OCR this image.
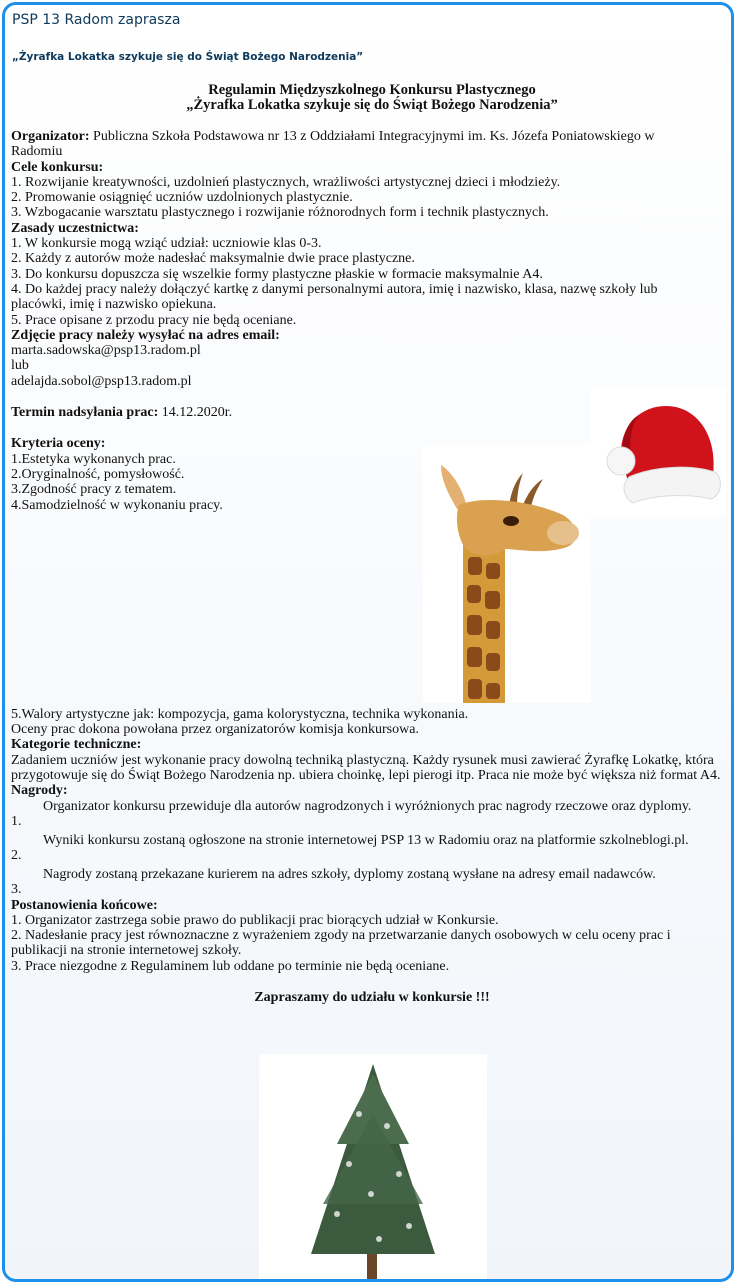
PSP 13 Radom zaprasza
„Żyrafka Lokatka szykuje się do Świąt Bożego Narodzenia”

Regulamin Międzyszkolnego Konkursu Plastycznego

„Żyrafka Lokatka szykuje się do Świąt Bożego Narodzenia”

Organizator: Publiczna Szkoła Podstawowa nr 13 z Oddziałami Integracyjnymi im. Ks. Józefa Poniatowskiego w Radomiu

Cele konkursu:

1. Rozwijanie kreatywności, uzdolnień plastycznych, wrażliwości artystycznej dzieci i młodzieży.

2. Promowanie osiągnięć uczniów uzdolnionych plastycznie.

3. Wzbogacanie warsztatu plastycznego i rozwijanie różnorodnych form i technik plastycznych.

Zasady uczestnictwa:

1. W konkursie mogą wziąć udział: uczniowie klas 0-3.

2. Każdy z autorów może nadesłać maksymalnie dwie prace plastyczne.

3. Do konkursu dopuszcza się wszelkie formy plastyczne płaskie w formacie maksymalnie A4.

4. Do każdej pracy należy dołączyć kartkę z danymi personalnymi autora, imię i nazwisko, klasa, nazwę szkoły lub placówki, imię i nazwisko opiekuna.

5. Prace opisane z przodu pracy nie będą oceniane.

Zdjęcie pracy należy wysyłać na adres email:

marta.sadowska@psp13.radom.pl

lub

adelajda.sobol@psp13.radom.pl

Termin nadsyłania prac: 14.12.2020r.

Kryteria oceny:

1.Estetyka wykonanych prac.

2.Oryginalność, pomysłowość.

3.Zgodność pracy z tematem.

4.Samodzielność w wykonaniu pracy.

5.Walory artystyczne jak: kompozycja, gama kolorystyczna, technika wykonania.

Oceny prac dokona powołana przez organizatorów komisja konkursowa.

Kategorie techniczne:

Zadaniem uczniów jest wykonanie pracy dowolną techniką plastyczną. Każdy rysunek musi zawierać Żyrafkę Lokatkę, która przygotowuje się do Świąt Bożego Narodzenia np. ubiera choinkę, lepi pierogi itp. Praca nie może być większa niż format A4.

Nagrody:

1.
Organizator konkursu przewiduje dla autorów nagrodzonych i wyróżnionych prac nagrody rzeczowe oraz dyplomy.
2.
Wyniki konkursu zostaną ogłoszone na stronie internetowej PSP 13 w Radomiu oraz na platformie szkolneblogi.pl.
3.
Nagrody zostaną przekazane kurierem na adres szkoły, dyplomy zostaną wysłane na adresy email nadawców.

Postanowienia końcowe:

1. Organizator zastrzega sobie prawo do publikacji prac biorących udział w Konkursie.

2. Nadesłanie pracy jest równoznaczne z wyrażeniem zgody na przetwarzanie danych osobowych w celu oceny prac i publikacji na stronie internetowej szkoły.

3. Prace niezgodne z Regulaminem lub oddane po terminie nie będą oceniane.

Zapraszamy do udziału w konkursie !!!
